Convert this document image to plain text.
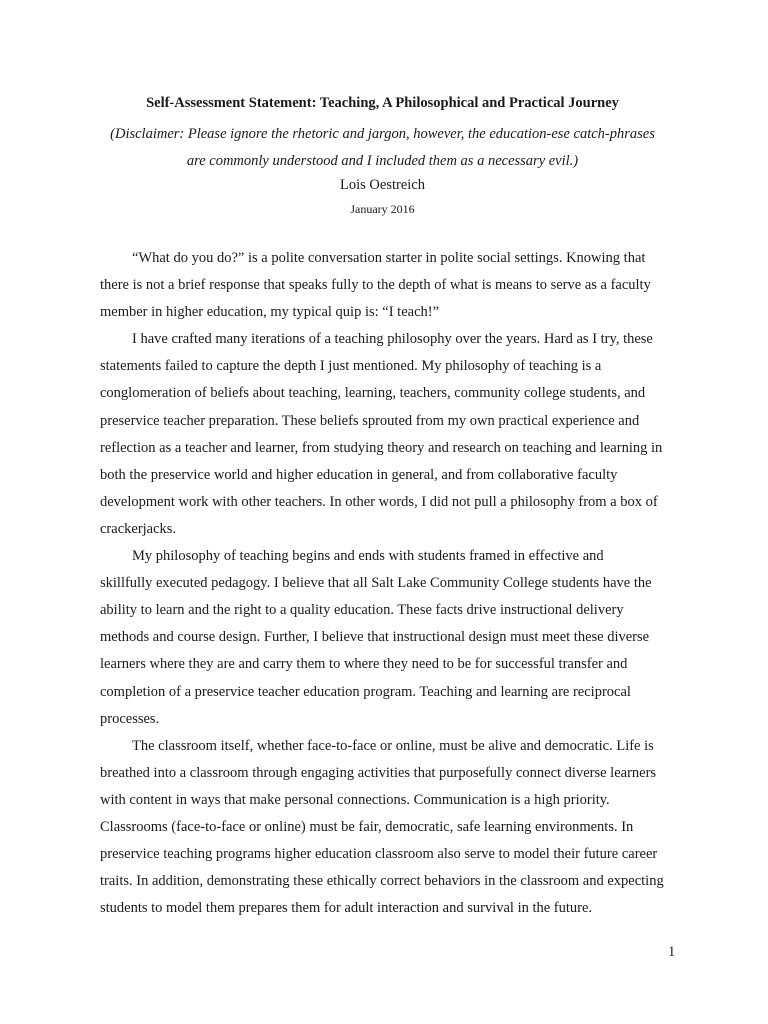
Self-Assessment Statement: Teaching, A Philosophical and Practical Journey
(Disclaimer: Please ignore the rhetoric and jargon, however, the education-ese catch-phrases
are commonly understood and I included them as a necessary evil.)
Lois Oestreich
January 2016

“What do you do?” is a polite conversation starter in polite social settings. Knowing that
there is not a brief response that speaks fully to the depth of what is means to serve as a faculty
member in higher education, my typical quip is: “I teach!”

I have crafted many iterations of a teaching philosophy over the years. Hard as I try, these
statements failed to capture the depth I just mentioned. My philosophy of teaching is a
conglomeration of beliefs about teaching, learning, teachers, community college students, and
preservice teacher preparation. These beliefs sprouted from my own practical experience and
reflection as a teacher and learner, from studying theory and research on teaching and learning in
both the preservice world and higher education in general, and from collaborative faculty
development work with other teachers. In other words, I did not pull a philosophy from a box of
crackerjacks.

My philosophy of teaching begins and ends with students framed in effective and
skillfully executed pedagogy. I believe that all Salt Lake Community College students have the
ability to learn and the right to a quality education. These facts drive instructional delivery
methods and course design. Further, I believe that instructional design must meet these diverse
learners where they are and carry them to where they need to be for successful transfer and
completion of a preservice teacher education program. Teaching and learning are reciprocal
processes.

The classroom itself, whether face-to-face or online, must be alive and democratic. Life is
breathed into a classroom through engaging activities that purposefully connect diverse learners
with content in ways that make personal connections. Communication is a high priority.
Classrooms (face-to-face or online) must be fair, democratic, safe learning environments. In
preservice teaching programs higher education classroom also serve to model their future career
traits. In addition, demonstrating these ethically correct behaviors in the classroom and expecting
students to model them prepares them for adult interaction and survival in the future.

1
